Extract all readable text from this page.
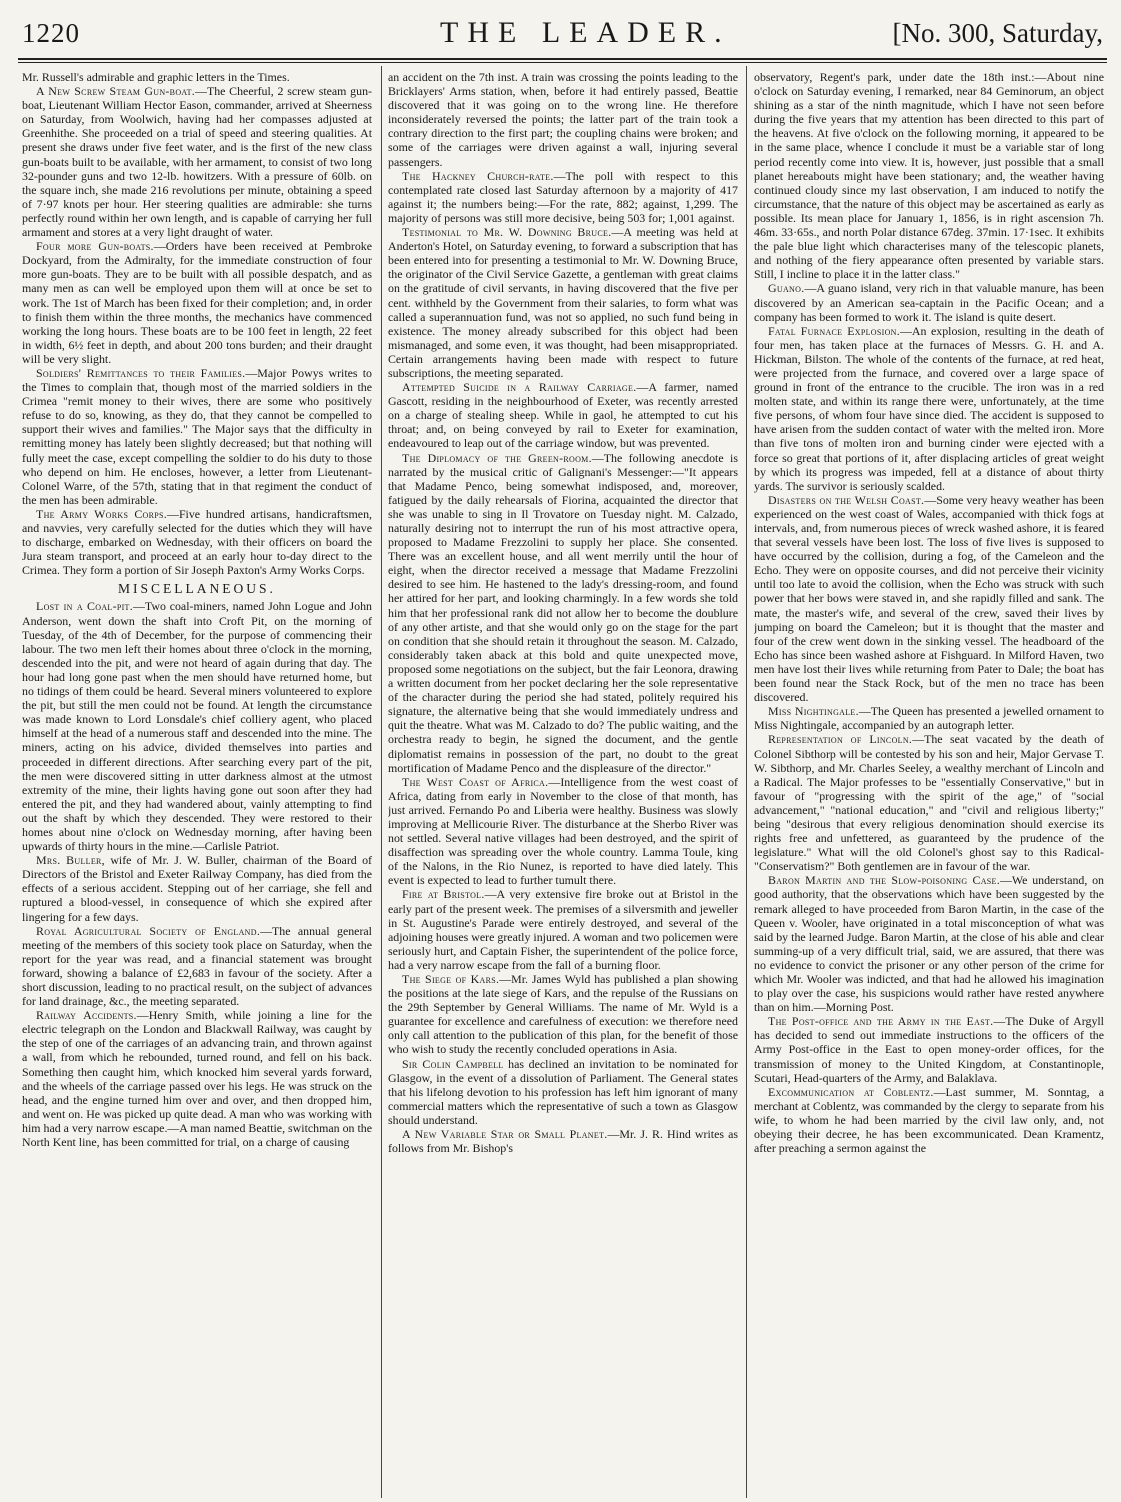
1220	THE LEADER.	[No. 300, Saturday,

Mr. Russell's admirable and graphic letters in the Times.

A New Screw Steam Gun-boat.—The Cheerful, 2 screw steam gun-boat, Lieutenant William Hector Eason, commander, arrived at Sheerness on Saturday, from Woolwich, having had her compasses adjusted at Greenhithe. She proceeded on a trial of speed and steering qualities. At present she draws under five feet water, and is the first of the new class gun-boats built to be available, with her armament, to consist of two long 32-pounder guns and two 12-lb. howitzers. With a pressure of 60lb. on the square inch, she made 216 revolutions per minute, obtaining a speed of 7·97 knots per hour. Her steering qualities are admirable: she turns perfectly round within her own length, and is capable of carrying her full armament and stores at a very light draught of water.

Four more Gun-boats.—Orders have been received at Pembroke Dockyard, from the Admiralty, for the immediate construction of four more gun-boats. They are to be built with all possible despatch, and as many men as can well be employed upon them will at once be set to work. The 1st of March has been fixed for their completion; and, in order to finish them within the three months, the mechanics have commenced working the long hours. These boats are to be 100 feet in length, 22 feet in width, 6½ feet in depth, and about 200 tons burden; and their draught will be very slight.

Soldiers' Remittances to their Families.—Major Powys writes to the Times to complain that, though most of the married soldiers in the Crimea "remit money to their wives, there are some who positively refuse to do so, knowing, as they do, that they cannot be compelled to support their wives and families." The Major says that the difficulty in remitting money has lately been slightly decreased; but that nothing will fully meet the case, except compelling the soldier to do his duty to those who depend on him. He encloses, however, a letter from Lieutenant-Colonel Warre, of the 57th, stating that in that regiment the conduct of the men has been admirable.

The Army Works Corps.—Five hundred artisans, handicraftsmen, and navvies, very carefully selected for the duties which they will have to discharge, embarked on Wednesday, with their officers on board the Jura steam transport, and proceed at an early hour to-day direct to the Crimea. They form a portion of Sir Joseph Paxton's Army Works Corps.

MISCELLANEOUS.

Lost in a Coal-pit.—Two coal-miners, named John Logue and John Anderson, went down the shaft into Croft Pit, on the morning of Tuesday, of the 4th of December, for the purpose of commencing their labour. The two men left their homes about three o'clock in the morning, descended into the pit, and were not heard of again during that day. The hour had long gone past when the men should have returned home, but no tidings of them could be heard. Several miners volunteered to explore the pit, but still the men could not be found. At length the circumstance was made known to Lord Lonsdale's chief colliery agent, who placed himself at the head of a numerous staff and descended into the mine. The miners, acting on his advice, divided themselves into parties and proceeded in different directions. After searching every part of the pit, the men were discovered sitting in utter darkness almost at the utmost extremity of the mine, their lights having gone out soon after they had entered the pit, and they had wandered about, vainly attempting to find out the shaft by which they descended. They were restored to their homes about nine o'clock on Wednesday morning, after having been upwards of thirty hours in the mine.—Carlisle Patriot.

Mrs. Buller, wife of Mr. J. W. Buller, chairman of the Board of Directors of the Bristol and Exeter Railway Company, has died from the effects of a serious accident. Stepping out of her carriage, she fell and ruptured a blood-vessel, in consequence of which she expired after lingering for a few days.

Royal Agricultural Society of England.—The annual general meeting of the members of this society took place on Saturday, when the report for the year was read, and a financial statement was brought forward, showing a balance of £2,683 in favour of the society. After a short discussion, leading to no practical result, on the subject of advances for land drainage, &c., the meeting separated.

Railway Accidents.—Henry Smith, while joining a line for the electric telegraph on the London and Blackwall Railway, was caught by the step of one of the carriages of an advancing train, and thrown against a wall, from which he rebounded, turned round, and fell on his back. Something then caught him, which knocked him several yards forward, and the wheels of the carriage passed over his legs. He was struck on the head, and the engine turned him over and over, and then dropped him, and went on. He was picked up quite dead. A man who was working with him had a very narrow escape.—A man named Beattie, switchman on the North Kent line, has been committed for trial, on a charge of causing

an accident on the 7th inst. A train was crossing the points leading to the Bricklayers' Arms station, when, before it had entirely passed, Beattie discovered that it was going on to the wrong line. He therefore inconsiderately reversed the points; the latter part of the train took a contrary direction to the first part; the coupling chains were broken; and some of the carriages were driven against a wall, injuring several passengers.

The Hackney Church-rate.—The poll with respect to this contemplated rate closed last Saturday afternoon by a majority of 417 against it; the numbers being:—For the rate, 882; against, 1,299. The majority of persons was still more decisive, being 503 for; 1,001 against.

Testimonial to Mr. W. Downing Bruce.—A meeting was held at Anderton's Hotel, on Saturday evening, to forward a subscription that has been entered into for presenting a testimonial to Mr. W. Downing Bruce, the originator of the Civil Service Gazette, a gentleman with great claims on the gratitude of civil servants, in having discovered that the five per cent. withheld by the Government from their salaries, to form what was called a superannuation fund, was not so applied, no such fund being in existence. The money already subscribed for this object had been mismanaged, and some even, it was thought, had been misappropriated. Certain arrangements having been made with respect to future subscriptions, the meeting separated.

Attempted Suicide in a Railway Carriage.—A farmer, named Gascott, residing in the neighbourhood of Exeter, was recently arrested on a charge of stealing sheep. While in gaol, he attempted to cut his throat; and, on being conveyed by rail to Exeter for examination, endeavoured to leap out of the carriage window, but was prevented.

The Diplomacy of the Green-room.—The following anecdote is narrated by the musical critic of Galignani's Messenger:—"It appears that Madame Penco, being somewhat indisposed, and, moreover, fatigued by the daily rehearsals of Fiorina, acquainted the director that she was unable to sing in Il Trovatore on Tuesday night. M. Calzado, naturally desiring not to interrupt the run of his most attractive opera, proposed to Madame Frezzolini to supply her place. She consented. There was an excellent house, and all went merrily until the hour of eight, when the director received a message that Madame Frezzolini desired to see him. He hastened to the lady's dressing-room, and found her attired for her part, and looking charmingly. In a few words she told him that her professional rank did not allow her to become the doublure of any other artiste, and that she would only go on the stage for the part on condition that she should retain it throughout the season. M. Calzado, considerably taken aback at this bold and quite unexpected move, proposed some negotiations on the subject, but the fair Leonora, drawing a written document from her pocket declaring her the sole representative of the character during the period she had stated, politely required his signature, the alternative being that she would immediately undress and quit the theatre. What was M. Calzado to do? The public waiting, and the orchestra ready to begin, he signed the document, and the gentle diplomatist remains in possession of the part, no doubt to the great mortification of Madame Penco and the displeasure of the director."

The West Coast of Africa.—Intelligence from the west coast of Africa, dating from early in November to the close of that month, has just arrived. Fernando Po and Liberia were healthy. Business was slowly improving at Mellicourie River. The disturbance at the Sherbo River was not settled. Several native villages had been destroyed, and the spirit of disaffection was spreading over the whole country. Lamma Toule, king of the Nalons, in the Rio Nunez, is reported to have died lately. This event is expected to lead to further tumult there.

Fire at Bristol.—A very extensive fire broke out at Bristol in the early part of the present week. The premises of a silversmith and jeweller in St. Augustine's Parade were entirely destroyed, and several of the adjoining houses were greatly injured. A woman and two policemen were seriously hurt, and Captain Fisher, the superintendent of the police force, had a very narrow escape from the fall of a burning floor.

The Siege of Kars.—Mr. James Wyld has published a plan showing the positions at the late siege of Kars, and the repulse of the Russians on the 29th September by General Williams. The name of Mr. Wyld is a guarantee for excellence and carefulness of execution: we therefore need only call attention to the publication of this plan, for the benefit of those who wish to study the recently concluded operations in Asia.

Sir Colin Campbell has declined an invitation to be nominated for Glasgow, in the event of a dissolution of Parliament. The General states that his lifelong devotion to his profession has left him ignorant of many commercial matters which the representative of such a town as Glasgow should understand.

A New Variable Star or Small Planet.—Mr. J. R. Hind writes as follows from Mr. Bishop's

observatory, Regent's park, under date the 18th inst.:—About nine o'clock on Saturday evening, I remarked, near 84 Geminorum, an object shining as a star of the ninth magnitude, which I have not seen before during the five years that my attention has been directed to this part of the heavens. At five o'clock on the following morning, it appeared to be in the same place, whence I conclude it must be a variable star of long period recently come into view. It is, however, just possible that a small planet hereabouts might have been stationary; and, the weather having continued cloudy since my last observation, I am induced to notify the circumstance, that the nature of this object may be ascertained as early as possible. Its mean place for January 1, 1856, is in right ascension 7h. 46m. 33·65s., and north Polar distance 67deg. 37min. 17·1sec. It exhibits the pale blue light which characterises many of the telescopic planets, and nothing of the fiery appearance often presented by variable stars. Still, I incline to place it in the latter class."

Guano.—A guano island, very rich in that valuable manure, has been discovered by an American sea-captain in the Pacific Ocean; and a company has been formed to work it. The island is quite desert.

Fatal Furnace Explosion.—An explosion, resulting in the death of four men, has taken place at the furnaces of Messrs. G. H. and A. Hickman, Bilston. The whole of the contents of the furnace, at red heat, were projected from the furnace, and covered over a large space of ground in front of the entrance to the crucible. The iron was in a red molten state, and within its range there were, unfortunately, at the time five persons, of whom four have since died. The accident is supposed to have arisen from the sudden contact of water with the melted iron. More than five tons of molten iron and burning cinder were ejected with a force so great that portions of it, after displacing articles of great weight by which its progress was impeded, fell at a distance of about thirty yards. The survivor is seriously scalded.

Disasters on the Welsh Coast.—Some very heavy weather has been experienced on the west coast of Wales, accompanied with thick fogs at intervals, and, from numerous pieces of wreck washed ashore, it is feared that several vessels have been lost. The loss of five lives is supposed to have occurred by the collision, during a fog, of the Cameleon and the Echo. They were on opposite courses, and did not perceive their vicinity until too late to avoid the collision, when the Echo was struck with such power that her bows were staved in, and she rapidly filled and sank. The mate, the master's wife, and several of the crew, saved their lives by jumping on board the Cameleon; but it is thought that the master and four of the crew went down in the sinking vessel. The headboard of the Echo has since been washed ashore at Fishguard. In Milford Haven, two men have lost their lives while returning from Pater to Dale; the boat has been found near the Stack Rock, but of the men no trace has been discovered.

Miss Nightingale.—The Queen has presented a jewelled ornament to Miss Nightingale, accompanied by an autograph letter.

Representation of Lincoln.—The seat vacated by the death of Colonel Sibthorp will be contested by his son and heir, Major Gervase T. W. Sibthorp, and Mr. Charles Seeley, a wealthy merchant of Lincoln and a Radical. The Major professes to be "essentially Conservative," but in favour of "progressing with the spirit of the age," of "social advancement," "national education," and "civil and religious liberty;" being "desirous that every religious denomination should exercise its rights free and unfettered, as guaranteed by the prudence of the legislature." What will the old Colonel's ghost say to this Radical-"Conservatism?" Both gentlemen are in favour of the war.

Baron Martin and the Slow-poisoning Case.—We understand, on good authority, that the observations which have been suggested by the remark alleged to have proceeded from Baron Martin, in the case of the Queen v. Wooler, have originated in a total misconception of what was said by the learned Judge. Baron Martin, at the close of his able and clear summing-up of a very difficult trial, said, we are assured, that there was no evidence to convict the prisoner or any other person of the crime for which Mr. Wooler was indicted, and that had he allowed his imagination to play over the case, his suspicions would rather have rested anywhere than on him.—Morning Post.

The Post-office and the Army in the East.—The Duke of Argyll has decided to send out immediate instructions to the officers of the Army Post-office in the East to open money-order offices, for the transmission of money to the United Kingdom, at Constantinople, Scutari, Head-quarters of the Army, and Balaklava.

Excommunication at Coblentz.—Last summer, M. Sonntag, a merchant at Coblentz, was commanded by the clergy to separate from his wife, to whom he had been married by the civil law only, and, not obeying their decree, he has been excommunicated. Dean Kramentz, after preaching a sermon against the
